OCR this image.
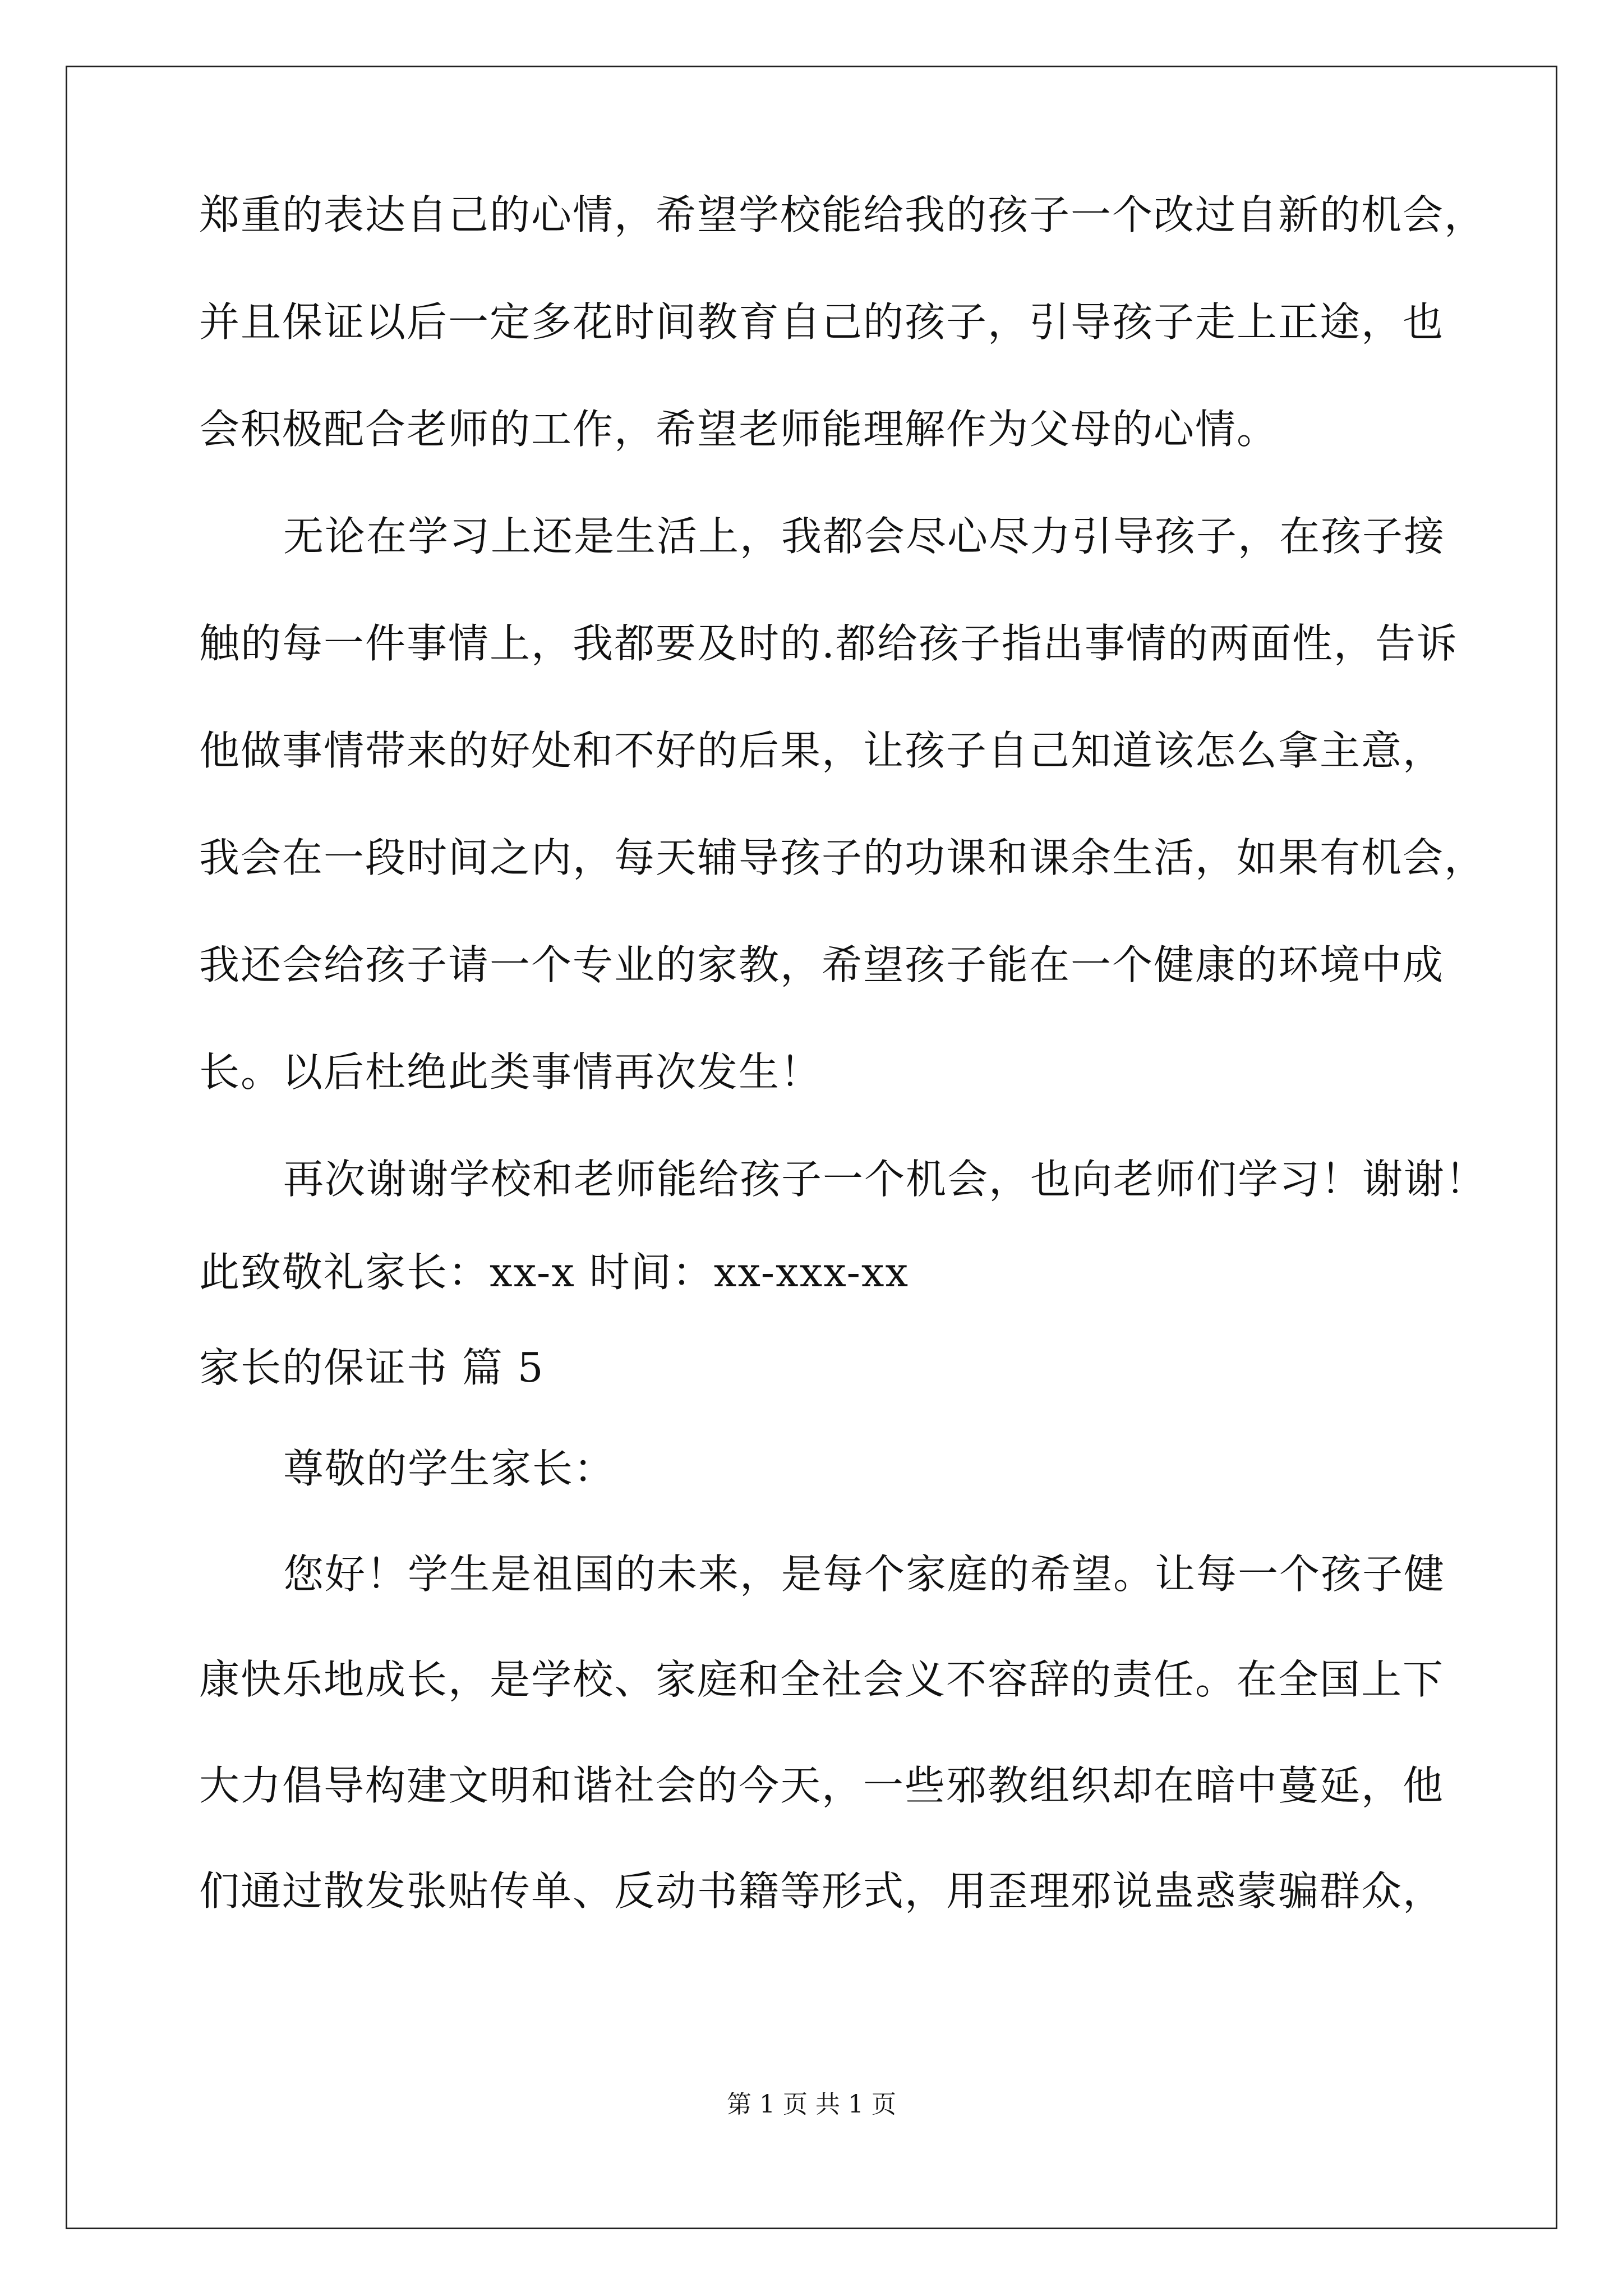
郑重的表达自己的心情，希望学校能给我的孩子一个改过自新的机会，
并且保证以后一定多花时间教育自己的孩子，引导孩子走上正途，也
会积极配合老师的工作，希望老师能理解作为父母的心情。
无论在学习上还是生活上，我都会尽心尽力引导孩子，在孩子接
触的每一件事情上，我都要及时的.都给孩子指出事情的两面性，告诉
他做事情带来的好处和不好的后果，让孩子自己知道该怎么拿主意，
我会在一段时间之内，每天辅导孩子的功课和课余生活，如果有机会，
我还会给孩子请一个专业的家教，希望孩子能在一个健康的环境中成
长。以后杜绝此类事情再次发生！
再次谢谢学校和老师能给孩子一个机会，也向老师们学习！谢谢！
此致敬礼家长：xx-x 时间：xx-xxx-xx
家长的保证书 篇 5
尊敬的学生家长：
您好！学生是祖国的未来，是每个家庭的希望。让每一个孩子健
康快乐地成长，是学校、家庭和全社会义不容辞的责任。在全国上下
大力倡导构建文明和谐社会的今天，一些邪教组织却在暗中蔓延，他
们通过散发张贴传单、反动书籍等形式，用歪理邪说蛊惑蒙骗群众，
第 1 页 共 1 页
